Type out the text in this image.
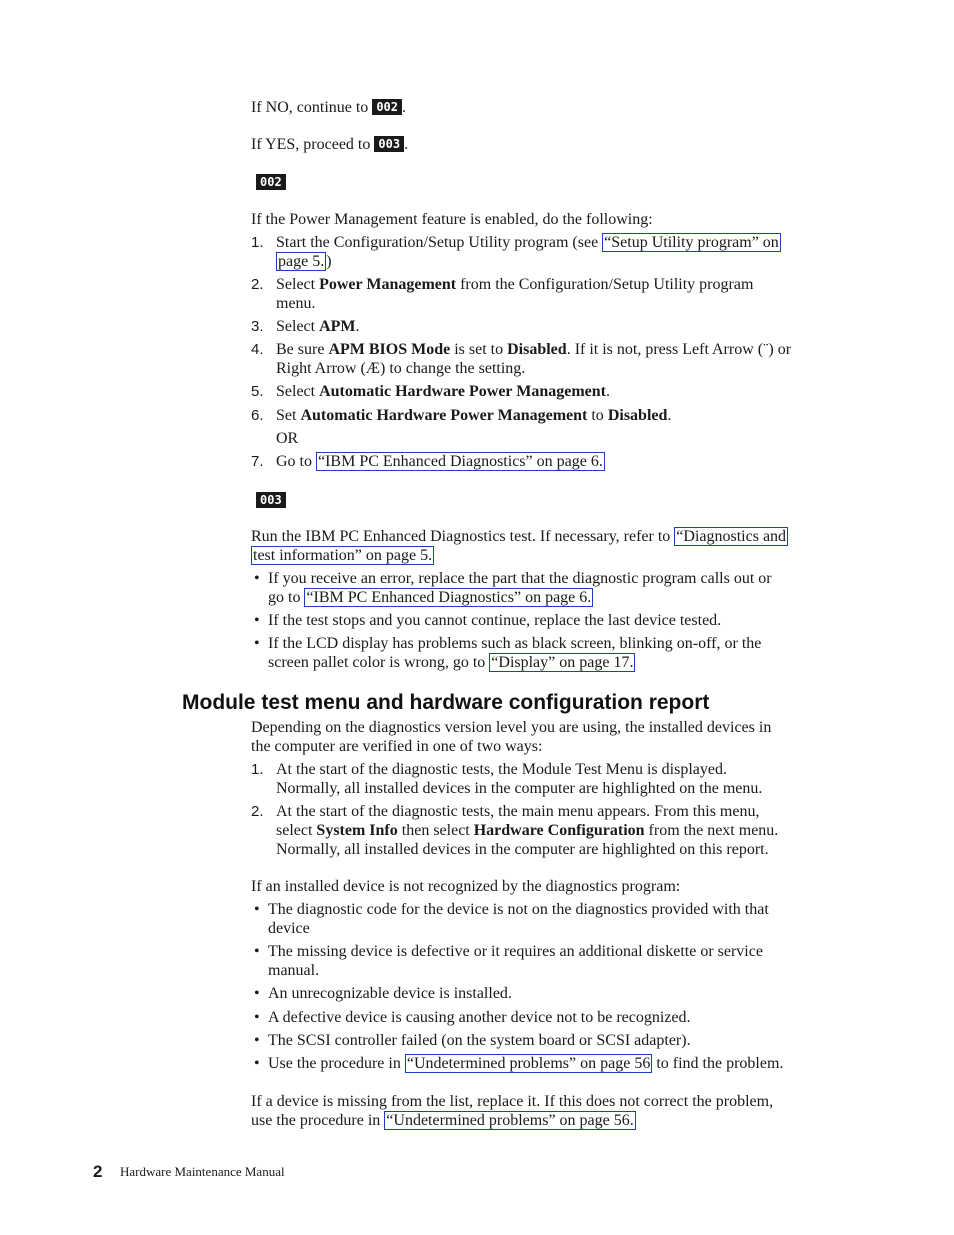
If NO, continue to 002 .

If YES, proceed to 003 .

002

If the Power Management feature is enabled, do the following:

1. Start the Configuration/Setup Utility program (see “Setup Utility program” on
page 5. )

2. Select Power Management from the Configuration/Setup Utility program
menu.

3. Select APM.

4. Be sure APM BIOS Mode is set to Disabled. If it is not, press Left Arrow (¨) or
Right Arrow (Æ) to change the setting.

5. Select Automatic Hardware Power Management.

6. Set Automatic Hardware Power Management to Disabled.
OR

7. Go to “IBM PC Enhanced Diagnostics” on page 6.

003

Run the IBM PC Enhanced Diagnostics test. If necessary, refer to “Diagnostics and
test information” on page 5.

• If you receive an error, replace the part that the diagnostic program calls out or
go to “IBM PC Enhanced Diagnostics” on page 6.

• If the test stops and you cannot continue, replace the last device tested.

• If the LCD display has problems such as black screen, blinking on-off, or the
screen pallet color is wrong, go to “Display” on page 17.

Module test menu and hardware configuration report

Depending on the diagnostics version level you are using, the installed devices in
the computer are verified in one of two ways:

1. At the start of the diagnostic tests, the Module Test Menu is displayed.
Normally, all installed devices in the computer are highlighted on the menu.

2. At the start of the diagnostic tests, the main menu appears. From this menu,
select System Info then select Hardware Configuration from the next menu.
Normally, all installed devices in the computer are highlighted on this report.

If an installed device is not recognized by the diagnostics program:

• The diagnostic code for the device is not on the diagnostics provided with that
device

• The missing device is defective or it requires an additional diskette or service
manual.

• An unrecognizable device is installed.

• A defective device is causing another device not to be recognized.

• The SCSI controller failed (on the system board or SCSI adapter).

• Use the procedure in “Undetermined problems” on page 56 to find the problem.

If a device is missing from the list, replace it. If this does not correct the problem,
use the procedure in “Undetermined problems” on page 56.

2 Hardware Maintenance Manual
